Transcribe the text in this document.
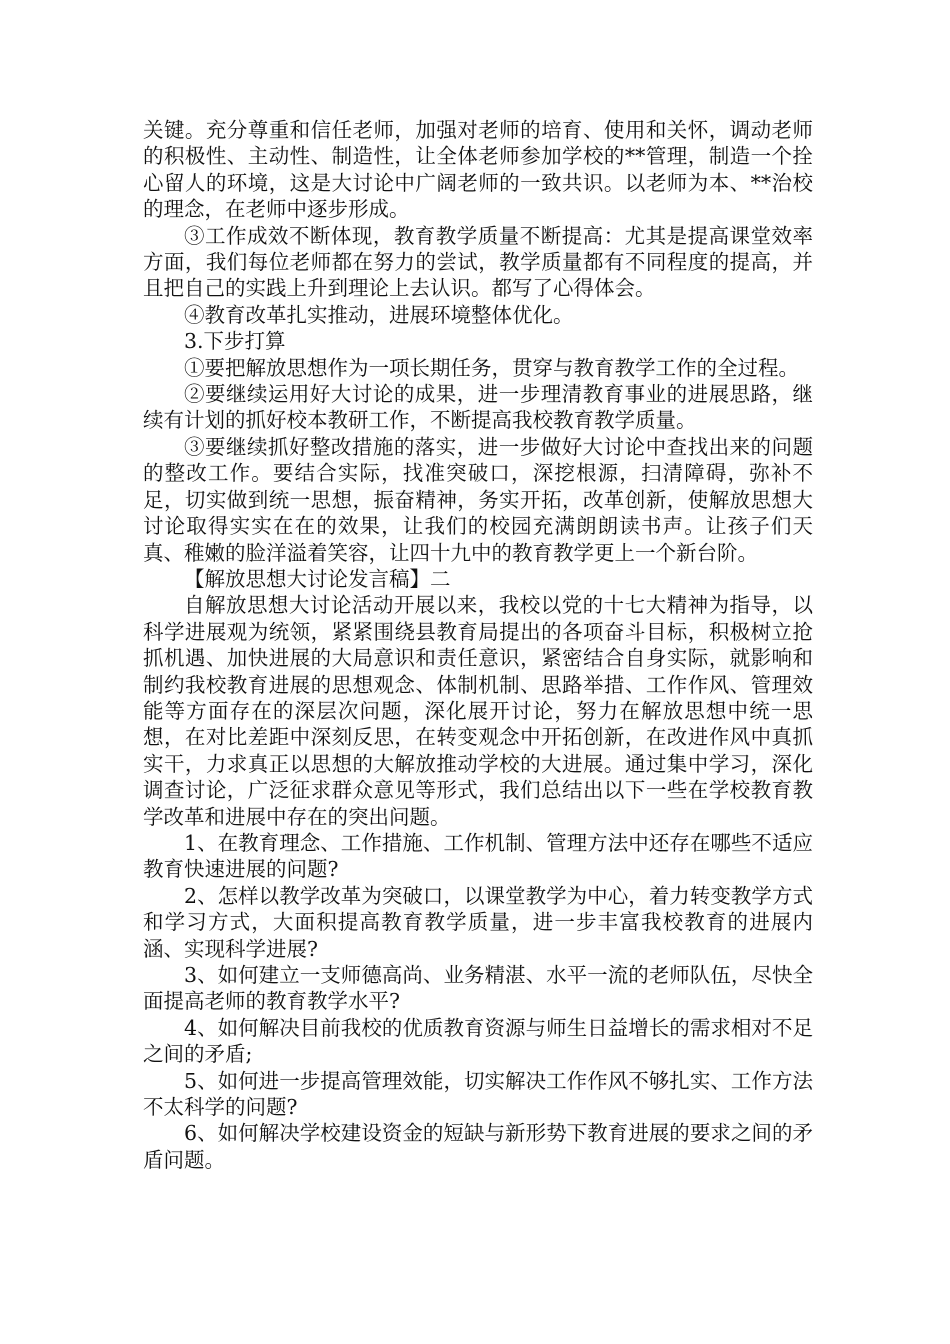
关键。充分尊重和信任老师，加强对老师的培育、使用和关怀，调动老师的积极性、主动性、制造性，让全体老师参加学校的**管理，制造一个拴心留人的环境，这是大讨论中广阔老师的一致共识。以老师为本、**治校的理念，在老师中逐步形成。

③工作成效不断体现，教育教学质量不断提高：尤其是提高课堂效率方面，我们每位老师都在努力的尝试，教学质量都有不同程度的提高，并且把自己的实践上升到理论上去认识。都写了心得体会。

④教育改革扎实推动，进展环境整体优化。

3.下步打算

①要把解放思想作为一项长期任务，贯穿与教育教学工作的全过程。

②要继续运用好大讨论的成果，进一步理清教育事业的进展思路，继续有计划的抓好校本教研工作，不断提高我校教育教学质量。

③要继续抓好整改措施的落实，进一步做好大讨论中查找出来的问题的整改工作。要结合实际，找准突破口，深挖根源，扫清障碍，弥补不足，切实做到统一思想，振奋精神，务实开拓，改革创新，使解放思想大讨论取得实实在在的效果，让我们的校园充满朗朗读书声。让孩子们天真、稚嫩的脸洋溢着笑容，让四十九中的教育教学更上一个新台阶。

【解放思想大讨论发言稿】二

自解放思想大讨论活动开展以来，我校以党的十七大精神为指导，以科学进展观为统领，紧紧围绕县教育局提出的各项奋斗目标，积极树立抢抓机遇、加快进展的大局意识和责任意识，紧密结合自身实际，就影响和制约我校教育进展的思想观念、体制机制、思路举措、工作作风、管理效能等方面存在的深层次问题，深化展开讨论，努力在解放思想中统一思想，在对比差距中深刻反思，在转变观念中开拓创新，在改进作风中真抓实干，力求真正以思想的大解放推动学校的大进展。通过集中学习，深化调查讨论，广泛征求群众意见等形式，我们总结出以下一些在学校教育教学改革和进展中存在的突出问题。

1、在教育理念、工作措施、工作机制、管理方法中还存在哪些不适应教育快速进展的问题?

2、怎样以教学改革为突破口，以课堂教学为中心，着力转变教学方式和学习方式，大面积提高教育教学质量，进一步丰富我校教育的进展内涵、实现科学进展?

3、如何建立一支师德高尚、业务精湛、水平一流的老师队伍，尽快全面提高老师的教育教学水平?

4、如何解决目前我校的优质教育资源与师生日益增长的需求相对不足之间的矛盾;

5、如何进一步提高管理效能，切实解决工作作风不够扎实、工作方法不太科学的问题?

6、如何解决学校建设资金的短缺与新形势下教育进展的要求之间的矛盾问题。
